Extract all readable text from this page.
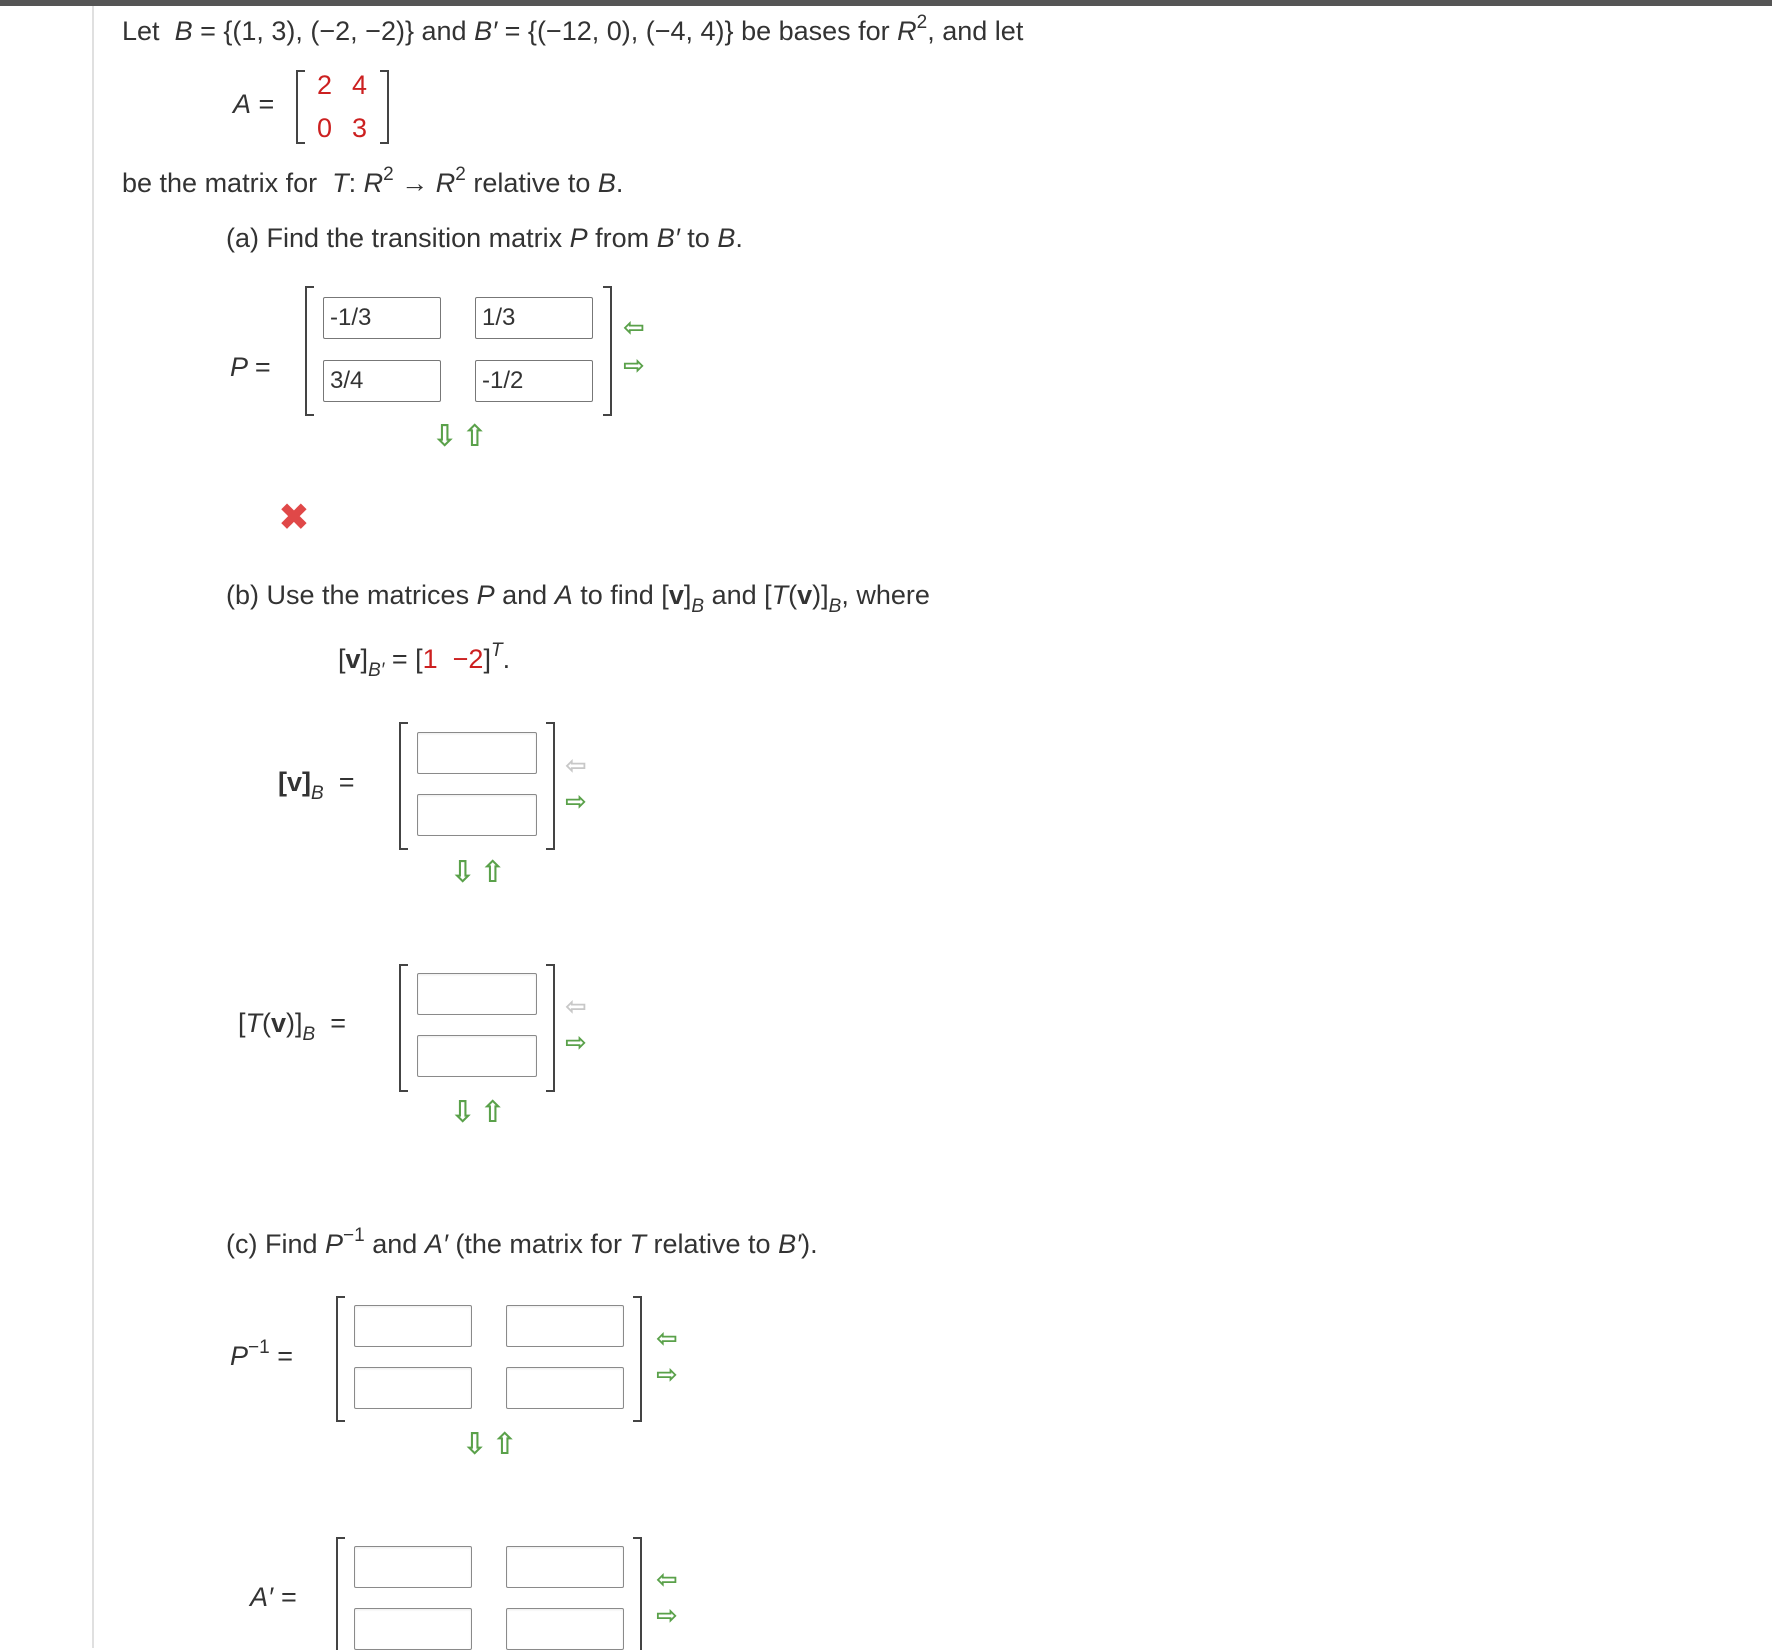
Let B = {(1, 3), (−2, −2)} and B′ = {(−12, 0), (−4, 4)} be bases for $R^2$, and let
A =
2 4
0 3
be the matrix for T: $R^2 \to R^2$ relative to B.
(a) Find the transition matrix P from B′ to B.
P =
-1/3
1/3
3/4
-1/2
⇦
⇨
⇩ ⇧
✖
(b) Use the matrices P and A to find $[v]_B$ and $[T(v)]_B$, where
$[v]_{B'} = [1 -2]^T$.
$[v]_B$ =
⇦
⇨
⇩ ⇧
$[T(v)]_B$ =
⇦
⇨
⇩ ⇧
(c) Find $P^{-1}$ and A′ (the matrix for T relative to B′).
$P^{-1}$ =
⇦
⇨
⇩ ⇧
A′ =
⇦
⇨
